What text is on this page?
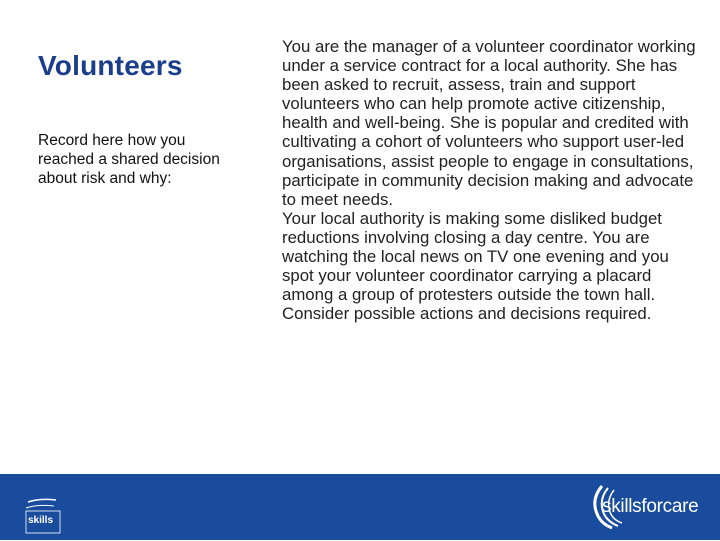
Volunteers
Record here how you reached a shared decision about risk and why:

You are the manager of a volunteer coordinator working under a service contract for a local authority. She has been asked to recruit, assess, train and support volunteers who can help promote active citizenship, health and well-being. She is popular and credited with cultivating a cohort of volunteers who support user-led organisations, assist people to engage in consultations, participate in community decision making and advocate to meet needs.

Your local authority is making some disliked budget reductions involving closing a day centre. You are watching the local news on TV one evening and you spot your volunteer coordinator carrying a placard among a group of protesters outside the town hall.

Consider possible actions and decisions required.

skills
skillsforcare
